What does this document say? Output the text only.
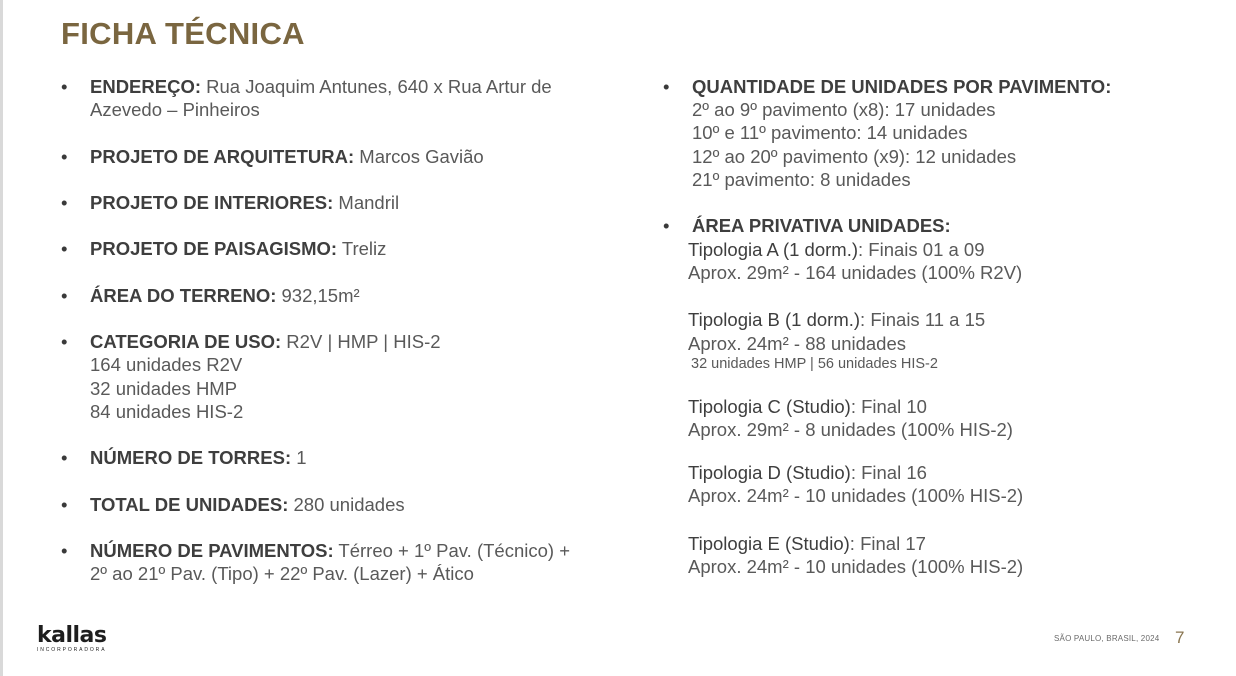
FICHA TÉCNICA
• ENDEREÇO: Rua Joaquim Antunes, 640 x Rua Artur de
Azevedo – Pinheiros
• PROJETO DE ARQUITETURA: Marcos Gavião
• PROJETO DE INTERIORES: Mandril
• PROJETO DE PAISAGISMO: Treliz
• ÁREA DO TERRENO: 932,15m²
• CATEGORIA DE USO: R2V | HMP | HIS-2
164 unidades R2V
32 unidades HMP
84 unidades HIS-2
• NÚMERO DE TORRES: 1
• TOTAL DE UNIDADES: 280 unidades
• NÚMERO DE PAVIMENTOS: Térreo + 1º Pav. (Técnico) +
2º ao 21º Pav. (Tipo) + 22º Pav. (Lazer) + Ático
• QUANTIDADE DE UNIDADES POR PAVIMENTO:
2º ao 9º pavimento (x8): 17 unidades
10º e 11º pavimento: 14 unidades
12º ao 20º pavimento (x9): 12 unidades
21º pavimento: 8 unidades
• ÁREA PRIVATIVA UNIDADES:
Tipologia A (1 dorm.): Finais 01 a 09
Aprox. 29m² - 164 unidades (100% R2V)
Tipologia B (1 dorm.): Finais 11 a 15
Aprox. 24m² - 88 unidades
32 unidades HMP | 56 unidades HIS-2
Tipologia C (Studio): Final 10
Aprox. 29m² - 8 unidades (100% HIS-2)
Tipologia D (Studio): Final 16
Aprox. 24m² - 10 unidades (100% HIS-2)
Tipologia E (Studio): Final 17
Aprox. 24m² - 10 unidades (100% HIS-2)
kallas
INCORPORADORA
SÃO PAULO, BRASIL, 2024 7
